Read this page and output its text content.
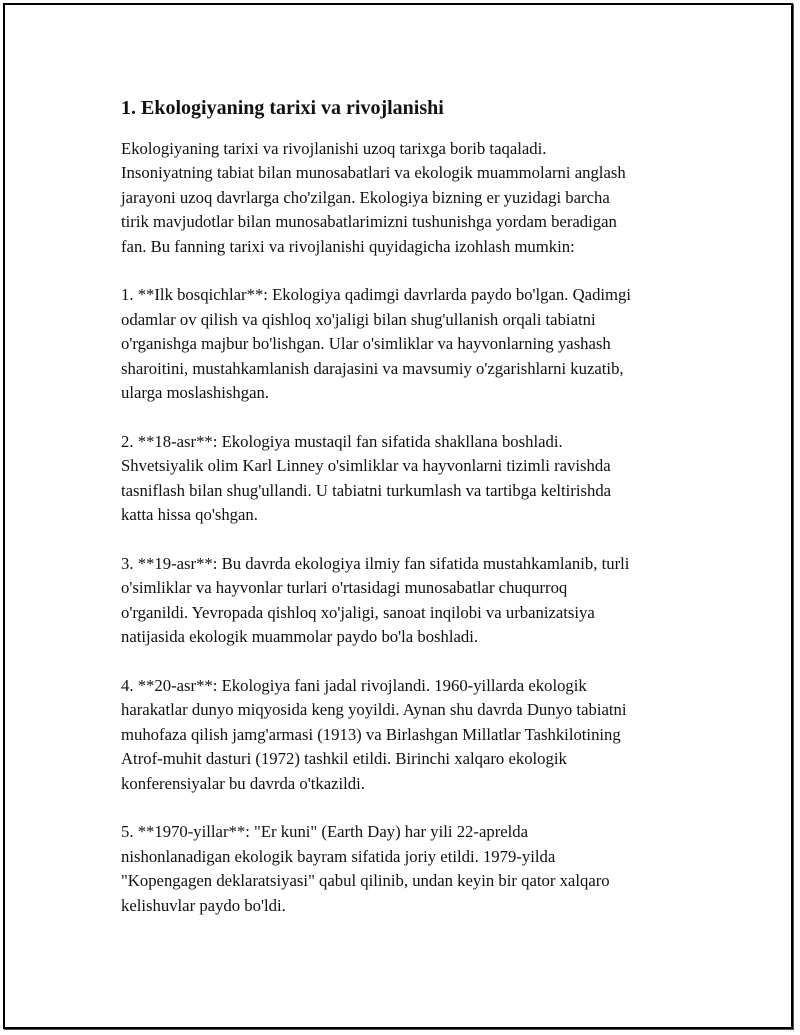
1. Ekologiyaning tarixi va rivojlanishi

Ekologiyaning tarixi va rivojlanishi uzoq tarixga borib taqaladi.
Insoniyatning tabiat bilan munosabatlari va ekologik muammolarni anglash
jarayoni uzoq davrlarga cho'zilgan. Ekologiya bizning er yuzidagi barcha
tirik mavjudotlar bilan munosabatlarimizni tushunishga yordam beradigan
fan. Bu fanning tarixi va rivojlanishi quyidagicha izohlash mumkin:

1. **Ilk bosqichlar**: Ekologiya qadimgi davrlarda paydo bo'lgan. Qadimgi
odamlar ov qilish va qishloq xo'jaligi bilan shug'ullanish orqali tabiatni
o'rganishga majbur bo'lishgan. Ular o'simliklar va hayvonlarning yashash
sharoitini, mustahkamlanish darajasini va mavsumiy o'zgarishlarni kuzatib,
ularga moslashishgan.

2. **18-asr**: Ekologiya mustaqil fan sifatida shakllana boshladi.
Shvetsiyalik olim Karl Linney o'simliklar va hayvonlarni tizimli ravishda
tasniflash bilan shug'ullandi. U tabiatni turkumlash va tartibga keltirishda
katta hissa qo'shgan.

3. **19-asr**: Bu davrda ekologiya ilmiy fan sifatida mustahkamlanib, turli
o'simliklar va hayvonlar turlari o'rtasidagi munosabatlar chuqurroq
o'rganildi. Yevropada qishloq xo'jaligi, sanoat inqilobi va urbanizatsiya
natijasida ekologik muammolar paydo bo'la boshladi.

4. **20-asr**: Ekologiya fani jadal rivojlandi. 1960-yillarda ekologik
harakatlar dunyo miqyosida keng yoyildi. Aynan shu davrda Dunyo tabiatni
muhofaza qilish jamg'armasi (1913) va Birlashgan Millatlar Tashkilotining
Atrof-muhit dasturi (1972) tashkil etildi. Birinchi xalqaro ekologik
konferensiyalar bu davrda o'tkazildi.

5. **1970-yillar**: "Er kuni" (Earth Day) har yili 22-aprelda
nishonlanadigan ekologik bayram sifatida joriy etildi. 1979-yilda
"Kopengagen deklaratsiyasi" qabul qilinib, undan keyin bir qator xalqaro
kelishuvlar paydo bo'ldi.
